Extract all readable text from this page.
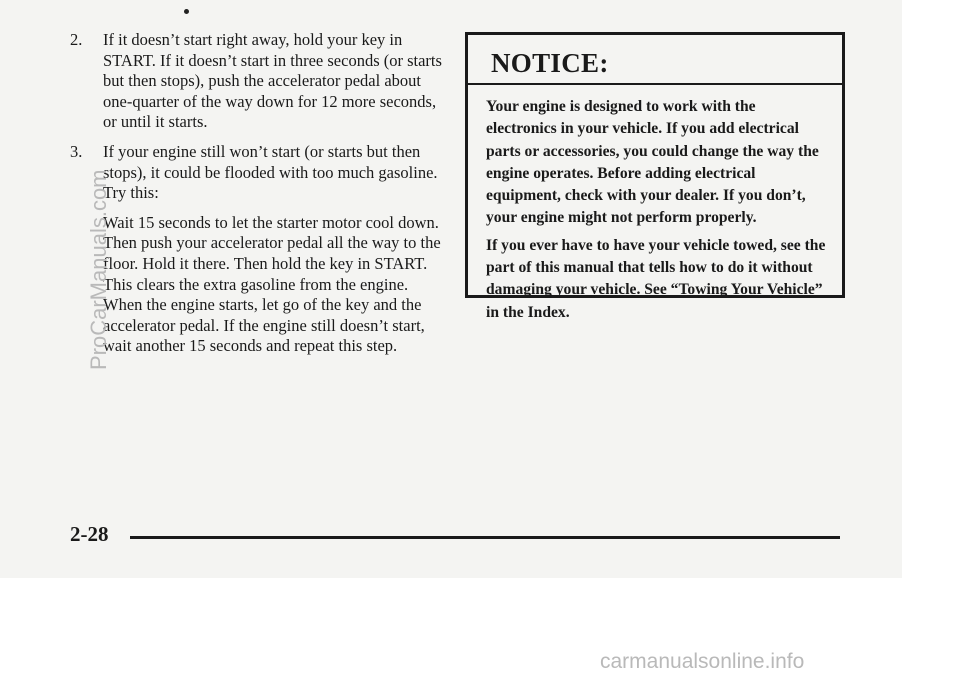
2.	If it doesn’t start right away, hold your key in START. If it doesn’t start in three seconds (or starts but then stops), push the accelerator pedal about one-quarter of the way down for 12 more seconds, or until it starts.
3.	If your engine still won’t start (or starts but then stops), it could be flooded with too much gasoline. Try this:
Wait 15 seconds to let the starter motor cool down. Then push your accelerator pedal all the way to the floor. Hold it there. Then hold the key in START. This clears the extra gasoline from the engine. When the engine starts, let go of the key and the accelerator pedal. If the engine still doesn’t start, wait another 15 seconds and repeat this step.
NOTICE:

Your engine is designed to work with the electronics in your vehicle. If you add electrical parts or accessories, you could change the way the engine operates. Before adding electrical equipment, check with your dealer. If you don’t, your engine might not perform properly.

If you ever have to have your vehicle towed, see the part of this manual that tells how to do it without damaging your vehicle. See “Towing Your Vehicle” in the Index.

2-28
ProCarManuals.com
carmanualsonline.info
